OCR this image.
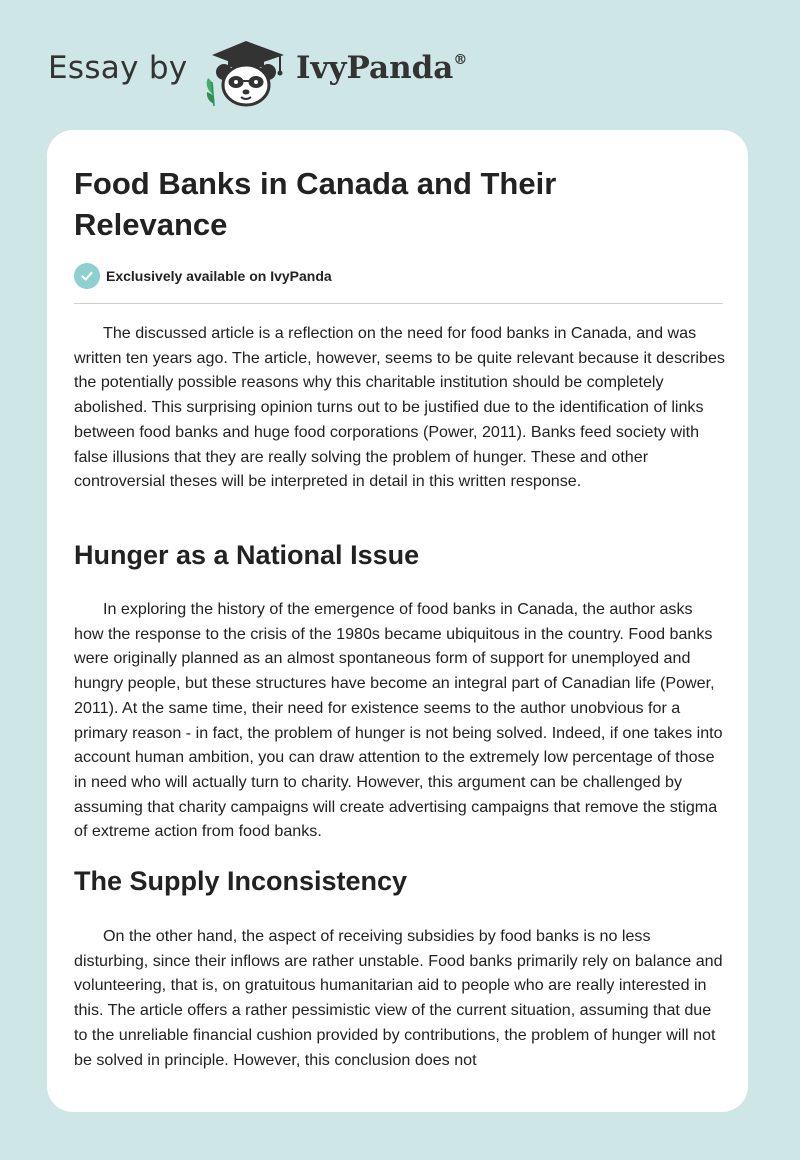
Essay by	IvyPanda®
Food Banks in Canada and Their Relevance
Exclusively available on IvyPanda

The discussed article is a reflection on the need for food banks in Canada, and was written ten years ago. The article, however, seems to be quite relevant because it describes the potentially possible reasons why this charitable institution should be completely abolished. This surprising opinion turns out to be justified due to the identification of links between food banks and huge food corporations (Power, 2011). Banks feed society with false illusions that they are really solving the problem of hunger. These and other controversial theses will be interpreted in detail in this written response.

Hunger as a National Issue

In exploring the history of the emergence of food banks in Canada, the author asks how the response to the crisis of the 1980s became ubiquitous in the country. Food banks were originally planned as an almost spontaneous form of support for unemployed and hungry people, but these structures have become an integral part of Canadian life (Power, 2011). At the same time, their need for existence seems to the author unobvious for a primary reason - in fact, the problem of hunger is not being solved. Indeed, if one takes into account human ambition, you can draw attention to the extremely low percentage of those in need who will actually turn to charity. However, this argument can be challenged by assuming that charity campaigns will create advertising campaigns that remove the stigma of extreme action from food banks.

The Supply Inconsistency

On the other hand, the aspect of receiving subsidies by food banks is no less disturbing, since their inflows are rather unstable. Food banks primarily rely on balance and volunteering, that is, on gratuitous humanitarian aid to people who are really interested in this. The article offers a rather pessimistic view of the current situation, assuming that due to the unreliable financial cushion provided by contributions, the problem of hunger will not be solved in principle. However, this conclusion does not
